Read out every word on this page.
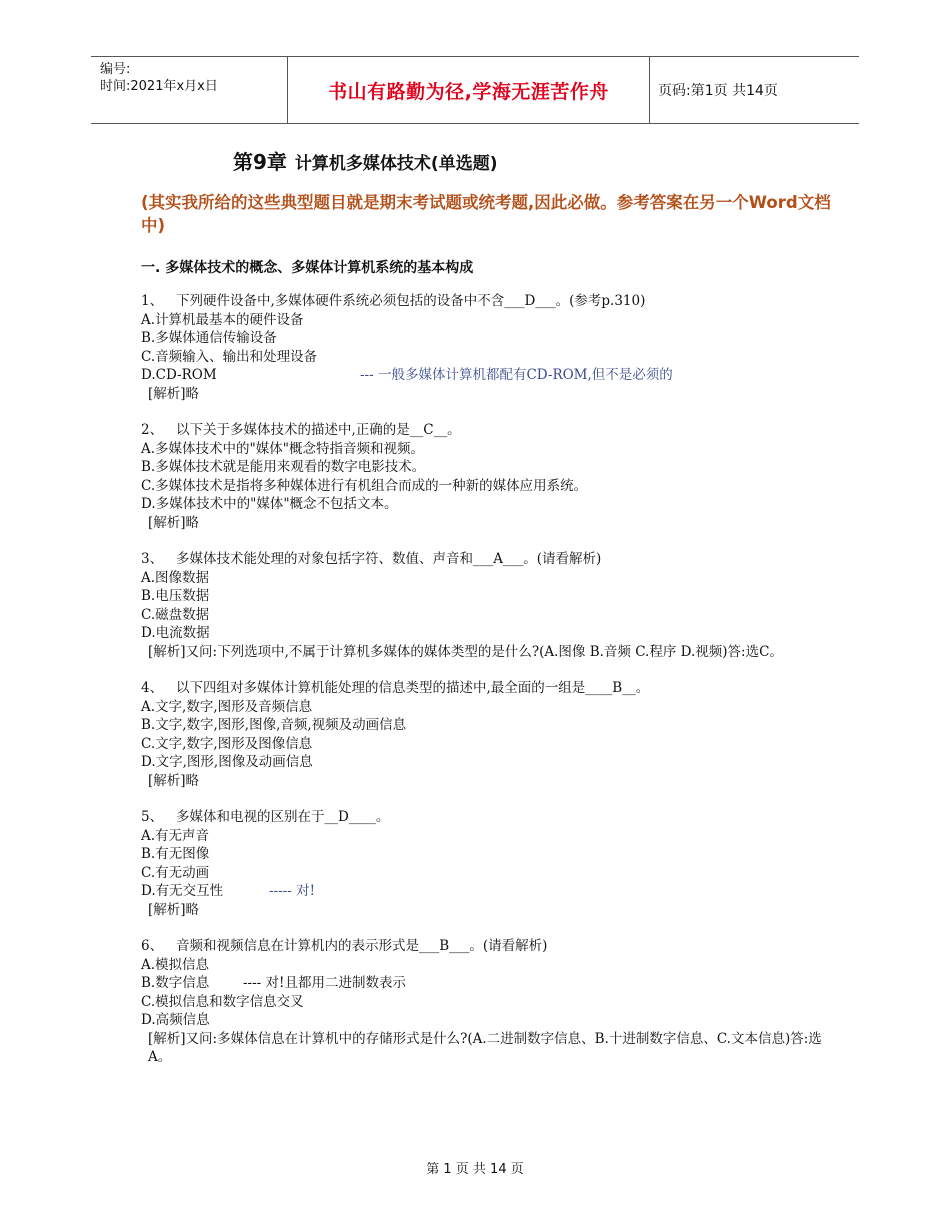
编号:
时间:2021年x月x日	书山有路勤为径,学海无涯苦作舟	页码:第1页 共14页
第9章 计算机多媒体技术(单选题)
(其实我所给的这些典型题目就是期末考试题或统考题,因此必做。参考答案在另一个Word文档中)
一. 多媒体技术的概念、多媒体计算机系统的基本构成
1、 下列硬件设备中,多媒体硬件系统必须包括的设备中不含___D___。(参考p.310)
A.计算机最基本的硬件设备
B.多媒体通信传输设备
C.音频输入、输出和处理设备
D.CD-ROM	--- 一般多媒体计算机都配有CD-ROM,但不是必须的
[解析]略
2、 以下关于多媒体技术的描述中,正确的是__C__。
A.多媒体技术中的"媒体"概念特指音频和视频。
B.多媒体技术就是能用来观看的数字电影技术。
C.多媒体技术是指将多种媒体进行有机组合而成的一种新的媒体应用系统。
D.多媒体技术中的"媒体"概念不包括文本。
[解析]略
3、 多媒体技术能处理的对象包括字符、数值、声音和___A___。(请看解析)
A.图像数据
B.电压数据
C.磁盘数据
D.电流数据
[解析]又问:下列选项中,不属于计算机多媒体的媒体类型的是什么?(A.图像 B.音频 C.程序 D.视频)答:选C。
4、 以下四组对多媒体计算机能处理的信息类型的描述中,最全面的一组是____B__。
A.文字,数字,图形及音频信息
B.文字,数字,图形,图像,音频,视频及动画信息
C.文字,数字,图形及图像信息
D.文字,图形,图像及动画信息
[解析]略
5、 多媒体和电视的区别在于__D____。
A.有无声音
B.有无图像
C.有无动画
D.有无交互性	----- 对!
[解析]略
6、 音频和视频信息在计算机内的表示形式是___B___。(请看解析)
A.模拟信息
B.数字信息	---- 对!且都用二进制数表示
C.模拟信息和数字信息交叉
D.高频信息
[解析]又问:多媒体信息在计算机中的存储形式是什么?(A.二进制数字信息、B.十进制数字信息、C.文本信息)答:选A。
第 1 页 共 14 页
